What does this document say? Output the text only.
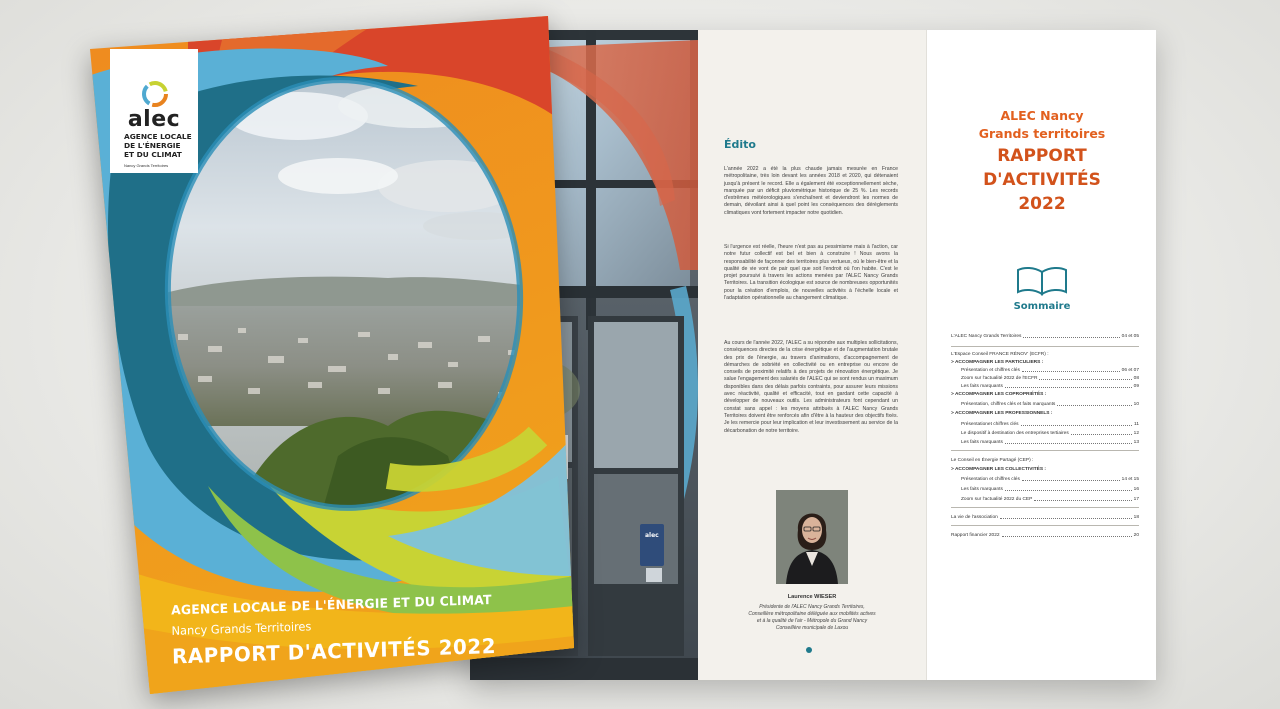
alec
Édito
L'année 2022 a été la plus chaude jamais mesurée en France métropolitaine, très loin devant les années 2018 et 2020, qui détenaient jusqu'à présent le record. Elle a également été exceptionnellement sèche, marquée par un déficit pluviométrique historique de 25 %. Les records d'extrêmes météorologiques s'enchaînent et deviendront les normes de demain, dévoilant ainsi à quel point les conséquences des dérèglements climatiques vont fortement impacter notre quotidien.
Si l'urgence est réelle, l'heure n'est pas au pessimisme mais à l'action, car notre futur collectif est bel et bien à construire ! Nous avons la responsabilité de façonner des territoires plus vertueux, où le bien-être et la qualité de vie vont de pair quel que soit l'endroit où l'on habite. C'est le projet poursuivi à travers les actions menées par l'ALEC Nancy Grands Territoires. La transition écologique est source de nombreuses opportunités pour la création d'emplois, de nouvelles activités à l'échelle locale et l'adaptation opérationnelle au changement climatique.
Au cours de l'année 2022, l'ALEC a su répondre aux multiples sollicitations, conséquences directes de la crise énergétique et de l'augmentation brutale des prix de l'énergie, au travers d'animations, d'accompagnement de démarches de sobriété en collectivité ou en entreprise ou encore de conseils de proximité relatifs à des projets de rénovation énergétique. Je salue l'engagement des salariés de l'ALEC qui se sont rendus un maximum disponibles dans des délais parfois contraints, pour assurer leurs missions avec réactivité, qualité et efficacité, tout en gardant cette capacité à développer de nouveaux outils. Les administrateurs font cependant un constat sans appel : les moyens attribués à l'ALEC Nancy Grands Territoires doivent être renforcés afin d'être à la hauteur des objectifs fixés. Je les remercie pour leur implication et leur investissement au service de la décarbonation de notre territoire.
Laurence WIESER
Présidente de l'ALEC Nancy Grands Territoires,
Conseillère métropolitaine déléguée aux mobilités actives
et à la qualité de l'air - Métropole du Grand Nancy
Conseillère municipale de Laxou
ALEC Nancy
Grands territoires
RAPPORT
D'ACTIVITÉS
2022
Sommaire
L'ALEC Nancy Grands Territoires	04 et 05
L'Espace Conseil FRANCE RÉNOV' (ECFR) :
> ACCOMPAGNER LES PARTICULIERS :
Présentation et chiffres clés	06 et 07
Zoom sur l'actualité 2022 de l'ECFR	08
Les faits marquants	09
> ACCOMPAGNER LES COPROPRIÉTÉS :
Présentation, chiffres clés et faits marquants	10
> ACCOMPAGNER LES PROFESSIONNELS :
Présentationet chiffres clés	11
Le dispositif à destination des entreprises tertiaires	12
Les faits marquants	13
Le Conseil en Énergie Partagé (CEP) :
> ACCOMPAGNER LES COLLECTIVITÉS :
Présentation et chiffres clés	14 et 15
Les faits marquants	16
Zoom sur l'actualité 2022 du CEP	17
La vie de l'association	18
Rapport financier 2022	20
alec
AGENCE LOCALE
DE L'ÉNERGIE
ET DU CLIMAT
Nancy Grands Territoires
AGENCE LOCALE DE L'ÉNERGIE ET DU CLIMAT
Nancy Grands Territoires
RAPPORT D'ACTIVITÉS 2022
